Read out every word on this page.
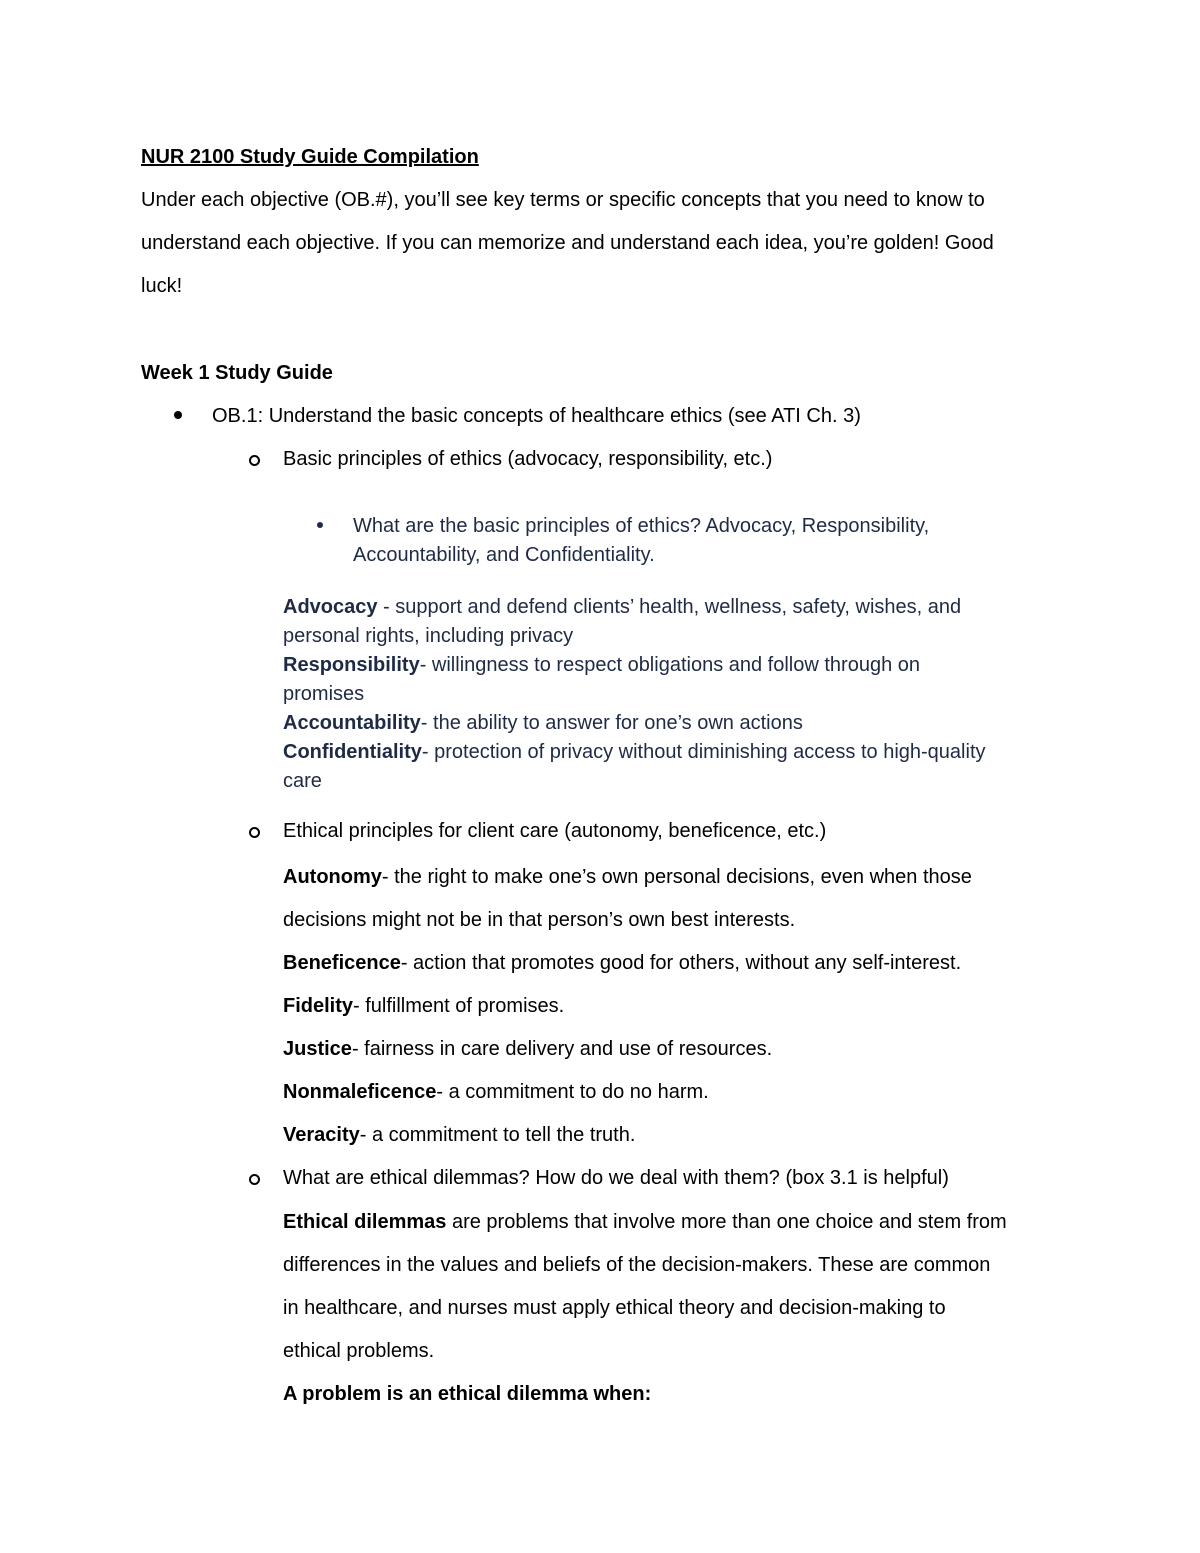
NUR 2100 Study Guide Compilation
Under each objective (OB.#), you’ll see key terms or specific concepts that you need to know to
understand each objective. If you can memorize and understand each idea, you’re golden! Good
luck!
Week 1 Study Guide
OB.1: Understand the basic concepts of healthcare ethics (see ATI Ch. 3)
Basic principles of ethics (advocacy, responsibility, etc.)
What are the basic principles of ethics? Advocacy, Responsibility,
Accountability, and Confidentiality.
Advocacy - support and defend clients’ health, wellness, safety, wishes, and
personal rights, including privacy
Responsibility- willingness to respect obligations and follow through on
promises
Accountability- the ability to answer for one’s own actions
Confidentiality- protection of privacy without diminishing access to high-quality
care
Ethical principles for client care (autonomy, beneficence, etc.)
Autonomy- the right to make one’s own personal decisions, even when those
decisions might not be in that person’s own best interests.
Beneficence- action that promotes good for others, without any self-interest.
Fidelity- fulfillment of promises.
Justice- fairness in care delivery and use of resources.
Nonmaleficence- a commitment to do no harm.
Veracity- a commitment to tell the truth.
What are ethical dilemmas? How do we deal with them? (box 3.1 is helpful)
Ethical dilemmas are problems that involve more than one choice and stem from
differences in the values and beliefs of the decision-makers. These are common
in healthcare, and nurses must apply ethical theory and decision-making to
ethical problems.
A problem is an ethical dilemma when:
